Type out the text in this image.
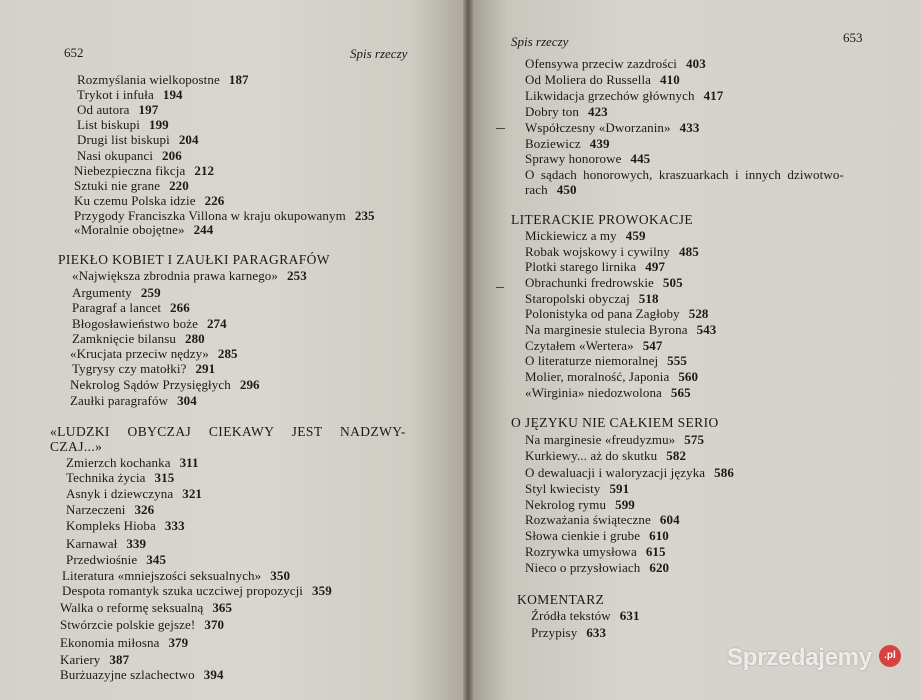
652	Spis rzeczy
Rozmyślania wielkopostne 187
Trykot i infuła 194
Od autora 197
List biskupi 199
Drugi list biskupi 204
Nasi okupanci 206
Niebezpieczna fikcja 212
Sztuki nie grane 220
Ku czemu Polska idzie 226
Przygody Franciszka Villona w kraju okupowanym 235
«Moralnie obojętne» 244
PIEKŁO KOBIET I ZAUŁKI PARAGRAFÓW
«Największa zbrodnia prawa karnego» 253
Argumenty 259
Paragraf a lancet 266
Błogosławieństwo boże 274
Zamknięcie bilansu 280
«Krucjata przeciw nędzy» 285
Tygrysy czy matołki? 291
Nekrolog Sądów Przysięgłych 296
Zaułki paragrafów 304
«LUDZKI OBYCZAJ CIEKAWY JEST NADZWY-
CZAJ...»
Zmierzch kochanka 311
Technika życia 315
Asnyk i dziewczyna 321
Narzeczeni 326
Kompleks Hioba 333
Karnawał 339
Przedwiośnie 345
Literatura «mniejszości seksualnych» 350
Despota romantyk szuka uczciwej propozycji 359
Walka o reformę seksualną 365
Stwórzcie polskie gejsze! 370
Ekonomia miłosna 379
Kariery 387
Burżuazyjne szlachectwo 394
Spis rzeczy	653
Ofensywa przeciw zazdrości 403
Od Moliera do Russella 410
Likwidacja grzechów głównych 417
Dobry ton 423
Współczesny «Dworzanin» 433
Boziewicz 439
Sprawy honorowe 445
O sądach honorowych, kraszuarkach i innych dziwotwo-
rach 450
LITERACKIE PROWOKACJE
Mickiewicz a my 459
Robak wojskowy i cywilny 485
Plotki starego lirnika 497
Obrachunki fredrowskie 505
Staropolski obyczaj 518
Polonistyka od pana Zagłoby 528
Na marginesie stulecia Byrona 543
Czytałem «Wertera» 547
O literaturze niemoralnej 555
Molier, moralność, Japonia 560
«Wirginia» niedozwolona 565
O JĘZYKU NIE CAŁKIEM SERIO
Na marginesie «freudyzmu» 575
Kurkiewy... aż do skutku 582
O dewaluacji i waloryzacji języka 586
Styl kwiecisty 591
Nekrolog rymu 599
Rozważania świąteczne 604
Słowa cienkie i grube 610
Rozrywka umysłowa 615
Nieco o przysłowiach 620
KOMENTARZ
Źródła tekstów 631
Przypisy 633
Sprzedajemy	.pl
